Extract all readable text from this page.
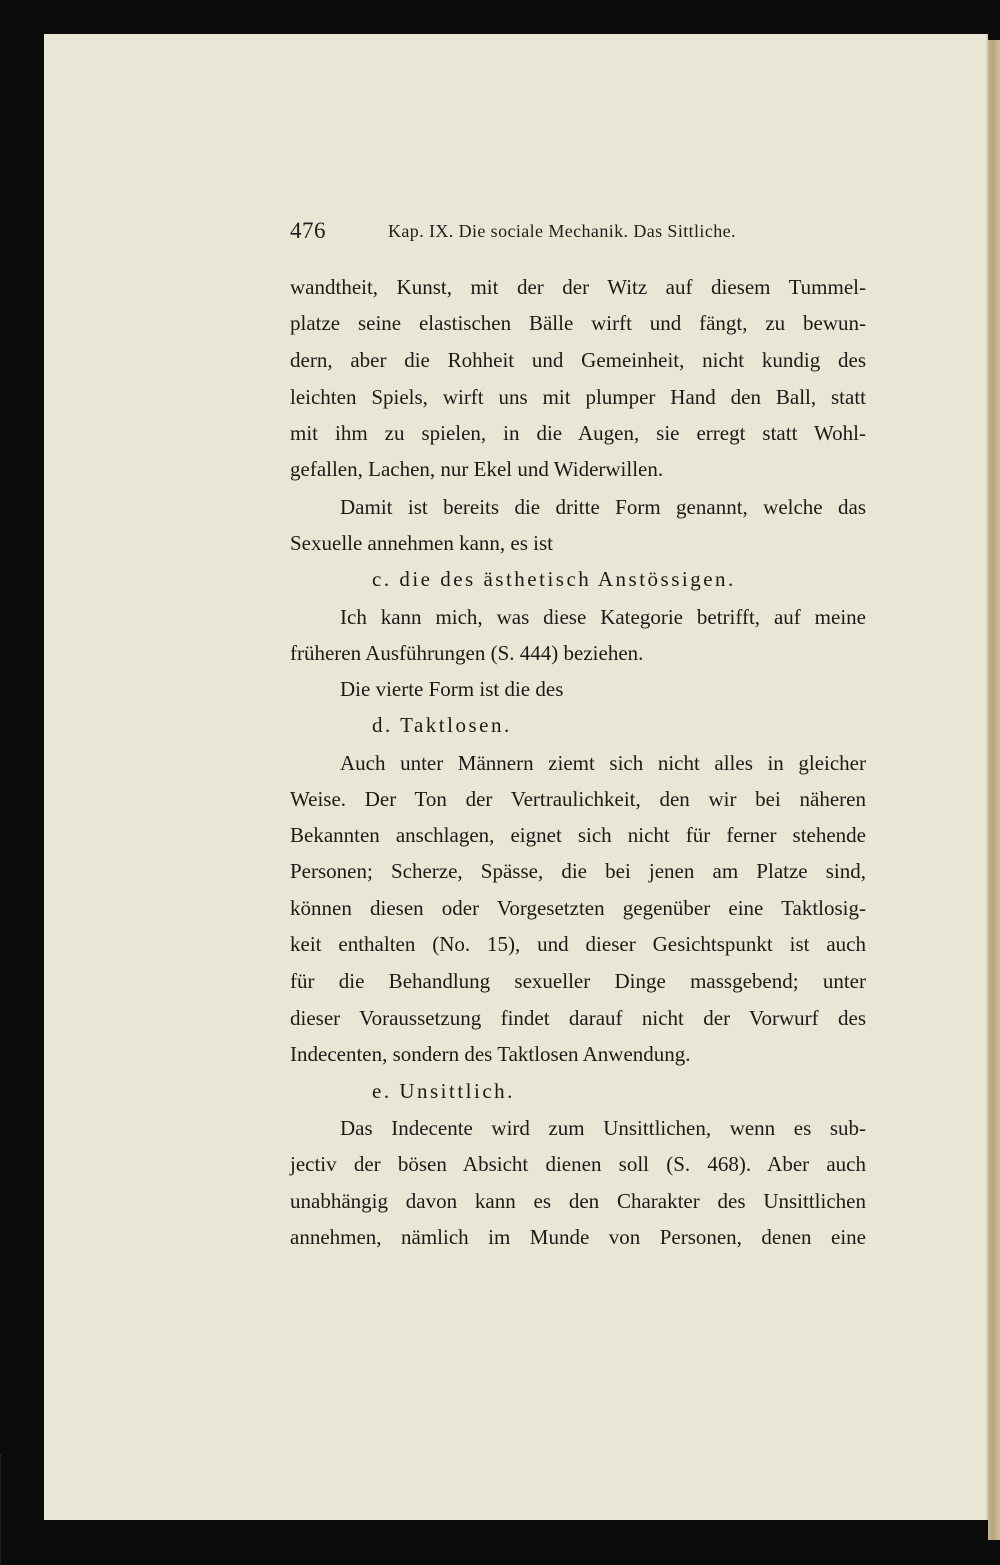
476	Kap. IX. Die sociale Mechanik. Das Sittliche.
wandtheit, Kunst, mit der der Witz auf diesem Tummel-
platze seine elastischen Bälle wirft und fängt, zu bewun-
dern, aber die Rohheit und Gemeinheit, nicht kundig des
leichten Spiels, wirft uns mit plumper Hand den Ball, statt
mit ihm zu spielen, in die Augen, sie erregt statt Wohl-
gefallen, Lachen, nur Ekel und Widerwillen.
Damit ist bereits die dritte Form genannt, welche das
Sexuelle annehmen kann, es ist
c. die des ästhetisch Anstössigen.
Ich kann mich, was diese Kategorie betrifft, auf meine
früheren Ausführungen (S. 444) beziehen.
Die vierte Form ist die des
d. Taktlosen.
Auch unter Männern ziemt sich nicht alles in gleicher
Weise. Der Ton der Vertraulichkeit, den wir bei näheren
Bekannten anschlagen, eignet sich nicht für ferner stehende
Personen; Scherze, Spässe, die bei jenen am Platze sind,
können diesen oder Vorgesetzten gegenüber eine Taktlosig-
keit enthalten (No. 15), und dieser Gesichtspunkt ist auch
für die Behandlung sexueller Dinge massgebend; unter
dieser Voraussetzung findet darauf nicht der Vorwurf des
Indecenten, sondern des Taktlosen Anwendung.
e. Unsittlich.
Das Indecente wird zum Unsittlichen, wenn es sub-
jectiv der bösen Absicht dienen soll (S. 468). Aber auch
unabhängig davon kann es den Charakter des Unsittlichen
annehmen, nämlich im Munde von Personen, denen eine
